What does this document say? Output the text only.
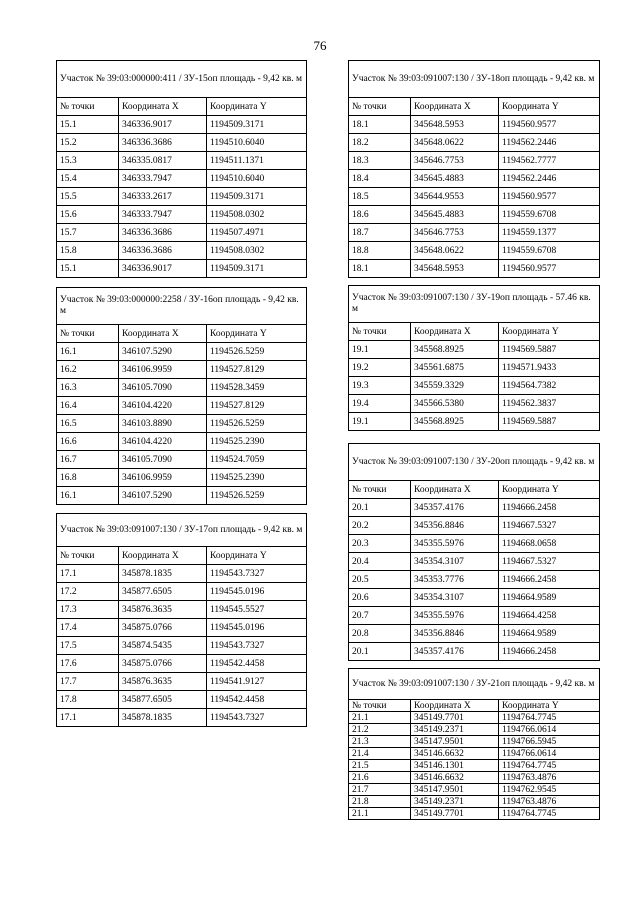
76
Участок № 39:03:000000:411 / ЗУ-15оп площадь - 9,42 кв. м		
№ точки	Координата X	Координата Y
15.1	346336.9017	1194509.3171
15.2	346336.3686	1194510.6040
15.3	346335.0817	1194511.1371
15.4	346333.7947	1194510.6040
15.5	346333.2617	1194509.3171
15.6	346333.7947	1194508.0302
15.7	346336.3686	1194507.4971
15.8	346336.3686	1194508.0302
15.1	346336.9017	1194509.3171
Участок № 39:03:000000:2258 / ЗУ-16оп площадь - 9,42 кв. м		
№ точки	Координата X	Координата Y
16.1	346107.5290	1194526.5259
16.2	346106.9959	1194527.8129
16.3	346105.7090	1194528.3459
16.4	346104.4220	1194527.8129
16.5	346103.8890	1194526.5259
16.6	346104.4220	1194525.2390
16.7	346105.7090	1194524.7059
16.8	346106.9959	1194525.2390
16.1	346107.5290	1194526.5259
Участок № 39:03:091007:130 / ЗУ-17оп площадь - 9,42 кв. м		
№ точки	Координата X	Координата Y
17.1	345878.1835	1194543.7327
17.2	345877.6505	1194545.0196
17.3	345876.3635	1194545.5527
17.4	345875.0766	1194545.0196
17.5	345874.5435	1194543.7327
17.6	345875.0766	1194542.4458
17.7	345876.3635	1194541.9127
17.8	345877.6505	1194542.4458
17.1	345878.1835	1194543.7327
Участок № 39:03:091007:130 / ЗУ-18оп площадь - 9,42 кв. м		
№ точки	Координата X	Координата Y
18.1	345648.5953	1194560.9577
18.2	345648.0622	1194562.2446
18.3	345646.7753	1194562.7777
18.4	345645.4883	1194562.2446
18.5	345644.9553	1194560.9577
18.6	345645.4883	1194559.6708
18.7	345646.7753	1194559.1377
18.8	345648.0622	1194559.6708
18.1	345648.5953	1194560.9577
Участок № 39:03:091007:130 / ЗУ-19оп площадь - 57.46 кв. м		
№ точки	Координата X	Координата Y
19.1	345568.8925	1194569.5887
19.2	345561.6875	1194571.9433
19.3	345559.3329	1194564.7382
19.4	345566.5380	1194562.3837
19.1	345568.8925	1194569.5887
Участок № 39:03:091007:130 / ЗУ-20оп площадь - 9,42 кв. м		
№ точки	Координата X	Координата Y
20.1	345357.4176	1194666.2458
20.2	345356.8846	1194667.5327
20.3	345355.5976	1194668.0658
20.4	345354.3107	1194667.5327
20.5	345353.7776	1194666.2458
20.6	345354.3107	1194664.9589
20.7	345355.5976	1194664.4258
20.8	345356.8846	1194664.9589
20.1	345357.4176	1194666.2458
Участок № 39:03:091007:130 / ЗУ-21оп площадь - 9,42 кв. м		
№ точки	Координата X	Координата Y
21.1	345149.7701	1194764.7745
21.2	345149.2371	1194766.0614
21.3	345147.9501	1194766.5945
21.4	345146.6632	1194766.0614
21.5	345146.1301	1194764.7745
21.6	345146.6632	1194763.4876
21.7	345147.9501	1194762.9545
21.8	345149.2371	1194763.4876
21.1	345149.7701	1194764.7745
